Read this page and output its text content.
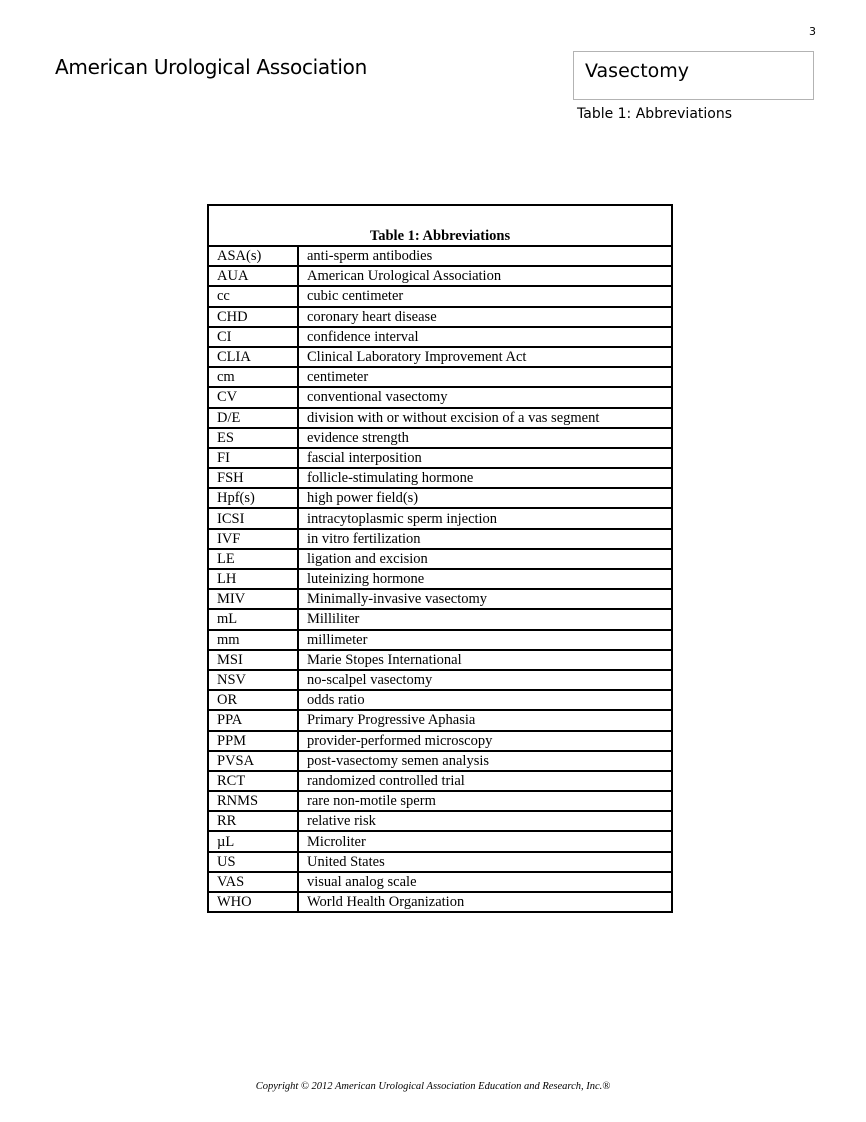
3
American Urological Association	Vasectomy
Table 1: Abbreviations
Table 1: Abbreviations	
ASA(s)	anti-sperm antibodies
AUA	American Urological Association
cc	cubic centimeter
CHD	coronary heart disease
CI	confidence interval
CLIA	Clinical Laboratory Improvement Act
cm	centimeter
CV	conventional vasectomy
D/E	division with or without excision of a vas segment
ES	evidence strength
FI	fascial interposition
FSH	follicle-stimulating hormone
Hpf(s)	high power field(s)
ICSI	intracytoplasmic sperm injection
IVF	in vitro fertilization
LE	ligation and excision
LH	luteinizing hormone
MIV	Minimally-invasive vasectomy
mL	Milliliter
mm	millimeter
MSI	Marie Stopes International
NSV	no-scalpel vasectomy
OR	odds ratio
PPA	Primary Progressive Aphasia
PPM	provider-performed microscopy
PVSA	post-vasectomy semen analysis
RCT	randomized controlled trial
RNMS	rare non-motile sperm
RR	relative risk
µL	Microliter
US	United States
VAS	visual analog scale
WHO	World Health Organization
Copyright © 2012 American Urological Association Education and Research, Inc.®
